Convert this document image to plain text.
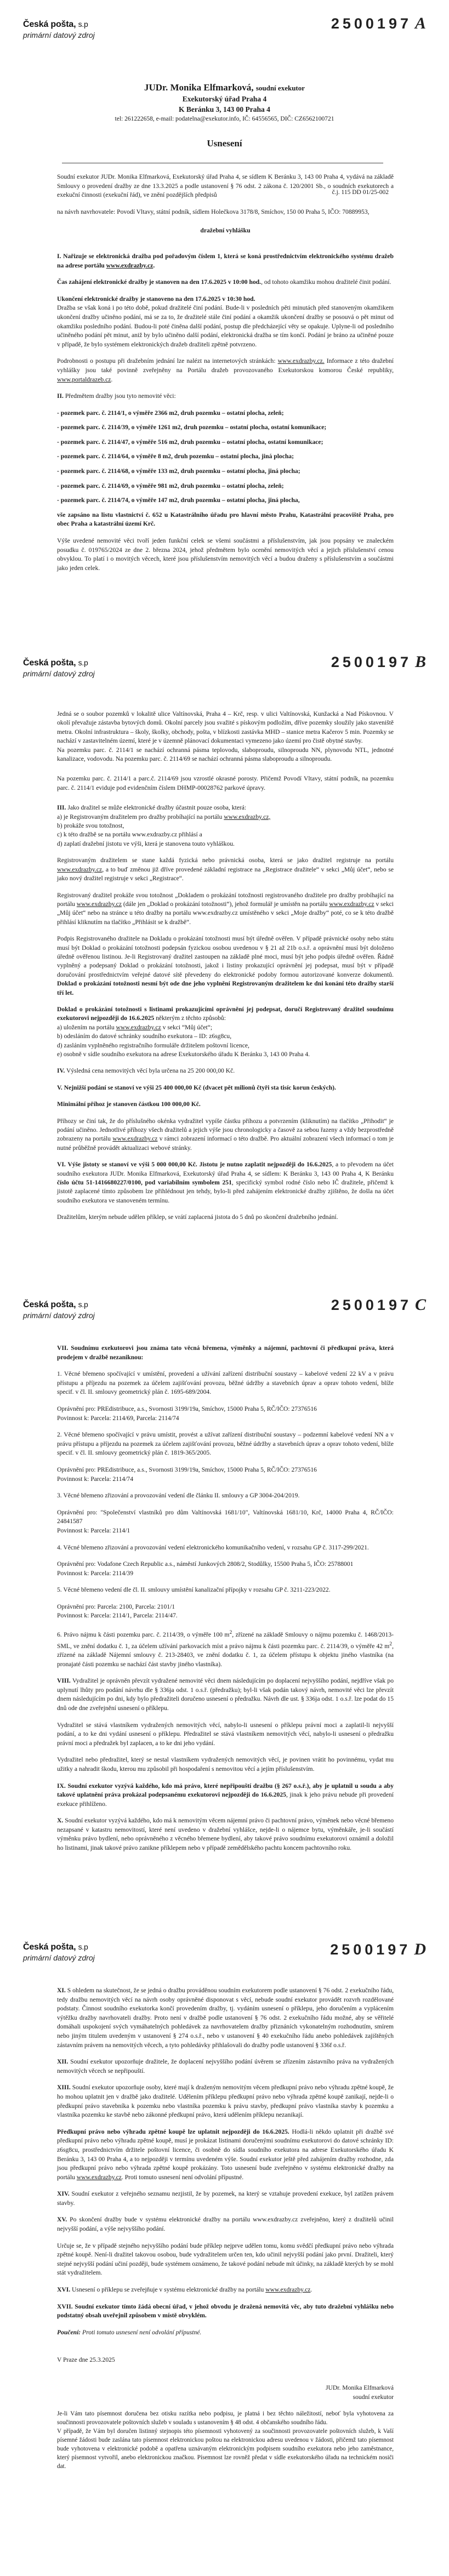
Česká pošta, s.p
primární datový zdroj
2500197 A
JUDr. Monika Elfmarková, soudní exekutor
Exekutorský úřad Praha 4
K Beránku 3, 143 00 Praha 4
tel: 261222658, e-mail: podatelna@exekutor.info, IČ: 64556565, DIČ: CZ6562100721
Usnesení

Soudní exekutor JUDr. Monika Elfmarková, Exekutorský úřad Praha 4, se sídlem K Beránku 3, 143 00 Praha 4, vydává na základě Smlouvy o provedení dražby ze dne 13.3.2025 a podle ustanovení § 76 odst. 2 zákona č. 120/2001 Sb., o soudních exekutorech a exekuční činnosti (exekuční řád), ve znění pozdějších předpisů

na návrh navrhovatele: Povodí Vltavy, státní podník, sídlem Holečkova 3178/8, Smíchov, 150 00 Praha 5, IČO: 70889953,

dražební vyhlášku

I. Nařizuje se elektronická dražba pod pořadovým číslem 1, která se koná prostřednictvím elektronického systému dražeb na adrese portálu www.exdrazby.cz.

Čas zahájení elektronické dražby je stanoven na den 17.6.2025 v 10:00 hod., od tohoto okamžiku mohou dražitelé činit podání.

Ukončení elektronické dražby je stanoveno na den 17.6.2025 v 10:30 hod.
Dražba se však koná i po této době, pokud dražitelé činí podání. Bude-li v posledních pěti minutách před stanoveným okamžikem ukončení dražby učiněno podání, má se za to, že dražitelé stále činí podání a okamžik ukončení dražby se posouvá o pět minut od okamžiku posledního podání. Budou-li poté činěna další podání, postup dle předcházející věty se opakuje. Uplyne-li od posledního učiněného podání pět minut, aniž by bylo učiněno další podání, elektronická dražba se tím končí. Podání je bráno za učiněné pouze v případě, že bylo systémem elektronických dražeb dražiteli zpětně potvrzeno.

Podrobnosti o postupu při dražebním jednání lze nalézt na internetových stránkách: www.exdrazby.cz. Informace z této dražební vyhlášky jsou také povinně zveřejněny na Portálu dražeb provozovaného Exekutorskou komorou České republiky, www.portaldrazeb.cz.

II. Předmětem dražby jsou tyto nemovité věci:

- pozemek parc. č. 2114/1, o výměře 2366 m2, druh pozemku – ostatní plocha, zeleň;

- pozemek parc. č. 2114/39, o výměře 1261 m2, druh pozemku – ostatní plocha, ostatní komunikace;

- pozemek parc. č. 2114/47, o výměře 516 m2, druh pozemku – ostatní plocha, ostatní komunikace;

- pozemek parc. č. 2114/64, o výměře 8 m2, druh pozemku – ostatní plocha, jiná plocha;

- pozemek parc. č. 2114/68, o výměře 133 m2, druh pozemku – ostatní plocha, jiná plocha;

- pozemek parc. č. 2114/69, o výměře 981 m2, druh pozemku – ostatní plocha, zeleň;

- pozemek parc. č. 2114/74, o výměře 147 m2, druh pozemku – ostatní plocha, jiná plocha,

vše zapsáno na listu vlastnictví č. 652 u Katastrálního úřadu pro hlavní město Prahu, Katastrální pracoviště Praha, pro obec Praha a katastrální území Krč.

Výše uvedené nemovité věci tvoří jeden funkční celek se všemi součástmi a příslušenstvím, jak jsou popsány ve znaleckém posudku č. 019765/2024 ze dne 2. března 2024, jehož předmětem bylo ocenění nemovitých věcí a jejich příslušenství cenou obvyklou. To platí i o movitých věcech, které jsou příslušenstvím nemovitých věcí a budou draženy s příslušenstvím a součástmi jako jeden celek.

č.j. 115 DD 01/25-002
Česká pošta, s.p
primární datový zdroj
2500197 B

Jedná se o soubor pozemků v lokalitě ulice Valtínovská, Praha 4 – Krč, resp. v ulici Valtínovská, Kunžacká a Nad Pískovnou. V okolí převažuje zástavba bytových domů. Okolní parcely jsou svažité s pískovým podložím, dříve pozemky sloužily jako staveniště metra. Okolní infrastruktura – školy, školky, obchody, pošta, v blízkosti zastávka MHD – stanice metra Kačerov 5 min. Pozemky se nachází v zastavitelném území, které je v územně plánovací dokumentaci vymezeno jako území pro čistě obytné stavby.

Na pozemku parc. č. 2114/1 se nachází ochranná pásma teplovodu, slaboproudu, silnoproudu NN, plynovodu NTL, jednotné kanalizace, vodovodu. Na pozemku parc. č. 2114/69 se nachází ochranná pásma slaboproudu a silnoproudu.

Na pozemku parc. č. 2114/1 a parc.č. 2114/69 jsou vzrostlé okrasné porosty. Přičemž Povodí Vltavy, státní podník, na pozemku parc. č. 2114/1 eviduje pod evidenčním číslem DHMP-00028762 parkové úpravy.

III. Jako dražitel se může elektronické dražby účastnit pouze osoba, která:
a) je Registrovaným dražitelem pro dražby probíhající na portálu www.exdrazby.cz,
b) prokáže svou totožnost,
c) k této dražbě se na portálu www.exdrazby.cz přihlásí a
d) zaplatí dražební jistotu ve výši, která je stanovena touto vyhláškou.

Registrovaným dražitelem se stane každá fyzická nebo právnická osoba, která se jako dražitel registruje na portálu www.exdrazby.cz, a to buď změnou již dříve provedené základní registrace na „Registrace dražitele“ v sekci „Můj účet“, nebo se jako nový dražitel registruje v sekci „Registrace“.

Registrovaný dražitel prokáže svou totožnost „Dokladem o prokázání totožnosti registrovaného dražitele pro dražby probíhající na portálu www.exdrazby.cz (dále jen „Doklad o prokázání totožnosti“), jehož formulář je umístěn na portálu www.exdrazby.cz v sekci „Můj účet“ nebo na stránce u této dražby na portálu www.exdrazby.cz umístěného v sekci „Moje dražby“ poté, co se k této dražbě přihlásí kliknutím na tlačítko „Přihlásit se k dražbě“.

Podpis Registrovaného dražitele na Dokladu o prokázání totožnosti musí být úředně ověřen. V případě právnické osoby nebo státu musí být Doklad o prokázání totožnosti podepsán fyzickou osobou uvedenou v § 21 až 21b o.s.ř. a oprávnění musí být doloženo úředně ověřenou listinou. Je-li Registrovaný dražitel zastoupen na základě plné moci, musí být jeho podpis úředně ověřen. Řádně vyplněný a podepsaný Doklad o prokázání totožnosti, jakož i listiny prokazující oprávnění jej podepsat, musí být v případě doručování prostřednictvím veřejné datové sítě převedeny do elektronické podoby formou autorizované konverze dokumentů. Doklad o prokázání totožnosti nesmí být ode dne jeho vyplnění Registrovaným dražitelem ke dni konání této dražby starší tří let.

Doklad o prokázání totožnosti s listinami prokazujícími oprávnění jej podepsat, doručí Registrovaný dražitel soudnímu exekutorovi nejpozději do 16.6.2025 některým z těchto způsobů:
a) uložením na portálu www.exdrazby.cz v sekci “Můj účet“;
b) odesláním do datové schránky soudního exekutora – ID: z6sg8cu,
d) zasláním vyplněného registračního formuláře držitelem poštovní licence,
e) osobně v sídle soudního exekutora na adrese Exekutorského úřadu K Beránku 3, 143 00 Praha 4.

IV. Výsledná cena nemovitých věcí byla určena na 25 200 000,00 Kč.

V. Nejnižší podání se stanoví ve výši 25 400 000,00 Kč (dvacet pět milionů čtyři sta tisíc korun českých).

Minimální příhoz je stanoven částkou 100 000,00 Kč.

Příhozy se činí tak, že do příslušného okénka vydražitel vypíše částku příhozu a potvrzením (kliknutím) na tlačítko „Přihodit“ je podání učiněno. Jednotlivé příhozy všech dražitelů a jejich výše jsou chronologicky a časově za sebou řazeny a vždy bezprostředně zobrazeny na portálu www.exdrazby.cz v rámci zobrazení informací o této dražbě. Pro aktuální zobrazení všech informací o tom je nutné průběžně provádět aktualizaci webové stránky.

VI. Výše jistoty se stanoví ve výši 5 000 000,00 Kč. Jistotu je nutno zaplatit nejpozději do 16.6.2025, a to převodem na účet soudního exekutora JUDr. Monika Elfmarková, Exekutorský úřad Praha 4, se sídlem: K Beránku 3, 143 00 Praha 4, K Beránku číslo účtu 51-1416680227/0100, pod variabilním symbolem 251, specifický symbol rodné číslo nebo IČ dražitele, přičemž k jistotě zaplacené tímto způsobem lze přihlédnout jen tehdy, bylo-li před zahájením elektronické dražby zjištěno, že došla na účet soudního exekutora ve stanoveném termínu.

Dražitelům, kterým nebude udělen příklep, se vrátí zaplacená jistota do 5 dnů po skončení dražebního jednání.

Česká pošta, s.p
primární datový zdroj
2500197 C

VII. Soudnímu exekutorovi jsou známa tato věcná břemena, výměnky a nájemní, pachtovní či předkupní práva, která prodejem v dražbě nezaniknou:

1. Věcné břemeno spočívající v umístění, provedení a užívání zařízení distribuční soustavy – kabelové vedení 22 kV a v právu přístupu a příjezdu na pozemek za účelem zajišťování provozu, běžné údržby a stavebních úprav a oprav tohoto vedení, blíže specif. v čl. II. smlouvy geometrický plán č. 1695-689/2004.

Oprávnění pro: PREdistribuce, a.s., Svornosti 3199/19a, Smíchov, 15000 Praha 5, RČ/IČO: 27376516
Povinnost k: Parcela: 2114/69, Parcela: 2114/74

2. Věcné břemeno spočívající v právu umístit, provést a užívat zařízení distribuční soustavy – podzemní kabelové vedení NN a v právu přístupu a příjezdu na pozemek za účelem zajišťování provozu, běžné údržby a stavebních úprav a oprav tohoto vedení, blíže specif. v čl. II. smlouvy geometrický plán č. 1819-365/2005.

Oprávnění pro: PREdistribuce, a.s., Svornosti 3199/19a, Smíchov, 15000 Praha 5, RČ/IČO: 27376516
Povinnost k: Parcela: 2114/74

3. Věcné břemeno zřizování a provozování vedení dle článku II. smlouvy a GP 3004-204/2019.

Oprávnění pro: "Společenství vlastníků pro dům Valtínovská 1681/10", Valtínovská 1681/10, Krč, 14000 Praha 4, RČ/IČO: 24841587
Povinnost k: Parcela: 2114/1

4. Věcné břemeno zřizování a provozování vedení elektronického komunikačního vedení, v rozsahu GP č. 3117-299/2021.

Oprávnění pro: Vodafone Czech Republic a.s., náměstí Junkových 2808/2, Stodůlky, 15500 Praha 5, IČO: 25788001
Povinnost k: Parcela: 2114/39

5. Věcné břemeno vedení dle čl. II. smlouvy umístění kanalizační přípojky v rozsahu GP č. 3211-223/2022.

Oprávnění pro: Parcela: 2100, Parcela: 2101/1
Povinnost k: Parcela: 2114/1, Parcela: 2114/47.

6. Právo nájmu k části pozemku parc. č. 2114/39, o výměře 100 $m^2$, zřízené na základě Smlouvy o nájmu pozemku č. 1468/2013-SML, ve znění dodatku č. 1, za účelem užívání parkovacích míst a právo nájmu k části pozemku parc. č. 2114/39, o výměře 42 $m^2$, zřízené na základě Nájemní smlouvy č. 213-28403, ve znění dodatku č. 1, za účelem přístupu k objektu jiného vlastníka (na pronajaté části pozemku se nachází část stavby jiného vlastníka).

VIII. Vydražitel je oprávněn převzít vydražené nemovité věci dnem následujícím po doplacení nejvyššího podání, nejdříve však po uplynutí lhůty pro podání návrhu dle § 336ja odst. 1 o.s.ř. (předražku); byl-li však podán takový návrh, nemovité věci lze převzít dnem následujícím po dni, kdy bylo předražiteli doručeno usnesení o předražku. Návrh dle ust. § 336ja odst. 1 o.s.ř. lze podat do 15 dnů ode dne zveřejnění usnesení o příklepu.

Vydražitel se stává vlastníkem vydražených nemovitých věcí, nabylo-li usnesení o příklepu právní moci a zaplatil-li nejvyšší podání, a to ke dni vydání usnesení o příklepu. Předražitel se stává vlastníkem nemovitých věcí, nabylo-li usnesení o předražku právní moci a předražek byl zaplacen, a to ke dni jeho vydání.

Vydražitel nebo předražitel, který se nestal vlastníkem vydražených nemovitých věcí, je povinen vrátit ho povinnému, vydat mu užitky a nahradit škodu, kterou mu způsobil při hospodaření s nemovitou věcí a jejím příslušenstvím.

IX. Soudní exekutor vyzývá každého, kdo má právo, které nepřipouští dražbu (§ 267 o.s.ř.), aby je uplatnil u soudu a aby takové uplatnění práva prokázal podepsanému exekutorovi nejpozději do 16.6.2025, jinak k jeho právu nebude při provedení exekuce přihlíženo.

X. Soudní exekutor vyzývá každého, kdo má k nemovitým věcem nájemní právo či pachtovní právo, výměnek nebo věcné břemeno nezapsané v katastru nemovitostí, které není uvedeno v dražební vyhlášce, nejde-li o nájemce bytu, výměnkáře, je-li součástí výměnku právo bydlení, nebo oprávněného z věcného břemene bydlení, aby takové právo soudnímu exekutorovi oznámil a doložil ho listinami, jinak takové právo zanikne příklepem nebo v případě zemědělského pachtu koncem pachtovního roku.

Česká pošta, s.p
primární datový zdroj	2500197 D

XI. S ohledem na skutečnost, že se jedná o dražbu prováděnou soudním exekutorem podle ustanovení § 76 odst. 2 exekučního řádu, tedy dražbu nemovitých věcí na návrh osoby oprávněné disponovat s věcí, nebude soudní exekutor provádět rozvrh rozdělované podstaty. Činnost soudního exekutorka končí provedením dražby, tj. vydáním usnesení o příklepu, jeho doručením a vyplácením výtěžku dražby navrhovateli dražby. Proto není v dražbě podle ustanovení § 76 odst. 2 exekučního řádu možné, aby se věřitelé domáhali uspokojení svých vymáhatelných pohledávek za navrhovatelem dražby přiznáních vykonatelným rozhodnutím, smírem nebo jiným titulem uvedeným v ustanovení § 274 o.s.ř., nebo v ustanovení § 40 exekučního řádu anebo pohledávek zajištěných zástavním právem na nemovitých věcech, a tyto pohledávky přihlašovali do dražby podle ustanovení § 336f o.s.ř.

XII. Soudní exekutor upozorňuje dražitele, že doplacení nejvyššího podání úvěrem se zřízením zástavního práva na vydražených nemovitých věcech se nepřipouští.

XIII. Soudní exekutor upozorňuje osoby, které mají k draženým nemovitým věcem předkupní právo nebo výhradu zpětné koupě, že ho mohou uplatnit jen v dražbě jako dražitelé. Udělením příklepu předkupní právo nebo výhrada zpětné koupě zanikají, nejde-li o předkupní právo stavebníka k pozemku nebo vlastníka pozemku k právu stavby, předkupní právo vlastníka stavby k pozemku a vlastníka pozemku ke stavbě nebo zákonné předkupní právo, která udělením příklepu nezanikají.

Předkupní právo nebo výhradu zpětné koupě lze uplatnit nejpozději do 16.6.2025. Hodlá-li někdo uplatnit při dražbě své předkupní právo nebo výhradu zpětné koupě, musí je prokázat listinami doručenými soudnímu exekutorovi do datové schránky ID: z6sg8cu, prostřednictvím držitele poštovní licence, či osobně do sídla soudního exekutora na adrese Exekutorského úřadu K Beránku 3, 143 00 Praha 4, a to nejpozději v termínu uvedeném výše. Soudní exekutor ještě před zahájením dražby rozhodne, zda jsou předkupní právo nebo výhrada zpětné koupě prokázány. Toto usnesení bude zveřejněno v systému elektronické dražby na portálu www.exdrazby.cz. Proti tomuto usnesení není odvolání přípustné.

XIV. Soudní exekutor z veřejného seznamu nezjistil, že by pozemek, na který se vztahuje provedení exekuce, byl zatížen právem stavby.

XV. Po skončení dražby bude v systému elektronické dražby na portálu www.exdrazby.cz zveřejněno, který z dražitelů učinil nejvyšší podání, a výše nejvyššího podání.

Určuje se, že v případě stejného nejvyššího podání bude příklep nejprve udělen tomu, komu svědčí předkupní právo nebo výhrada zpětné koupě. Není-li dražitel takovou osobou, bude vydražitelem určen ten, kdo učinil nejvyšší podání jako první. Dražiteli, který stejné nejvyšší podání učiní později, bude systémem oznámeno, že takové podání nebude mít účinky, na základě kterých by se mohl stát vydražitelem.

XVI. Usnesení o příklepu se zveřejňuje v systému elektronické dražby na portálu www.exdrazby.cz.

XVII. Soudní exekutor tímto žádá obecní úřad, v jehož obvodu je dražená nemovitá věc, aby tuto dražební vyhlášku nebo podstatný obsah uveřejnil způsobem v místě obvyklém.

Poučení: Proti tomuto usnesení není odvolání přípustné.

V Praze dne 25.3.2025

JUDr. Monika Elfmarková
soudní exekutor

Je-li Vám tato písemnost doručena bez otisku razítka nebo podpisu, je platná i bez těchto náležitostí, neboť byla vyhotovena za součinnosti provozovatele poštovních služeb v souladu s ustanovením § 48 odst. 4 občanského soudního řádu.

V případě, že Vám byl doručen listinný stejnopis této písemnosti vyhotovený za součinnosti provozovatele poštovních služeb, k Vaší písemné žádosti bude zaslána tato písemnost elektronickou poštou na elektronickou adresu uvedenou v žádosti, přičemž tato písemnost bude vyhotovena v elektronické podobě a opatřena uznávaným elektronickým podpisem soudního exekutora nebo jeho zaměstnance, který písemnost vytvořil, anebo elektronickou značkou. Písemnost lze rovněž předat v sídle exekutorského úřadu na technickém nosiči dat.
